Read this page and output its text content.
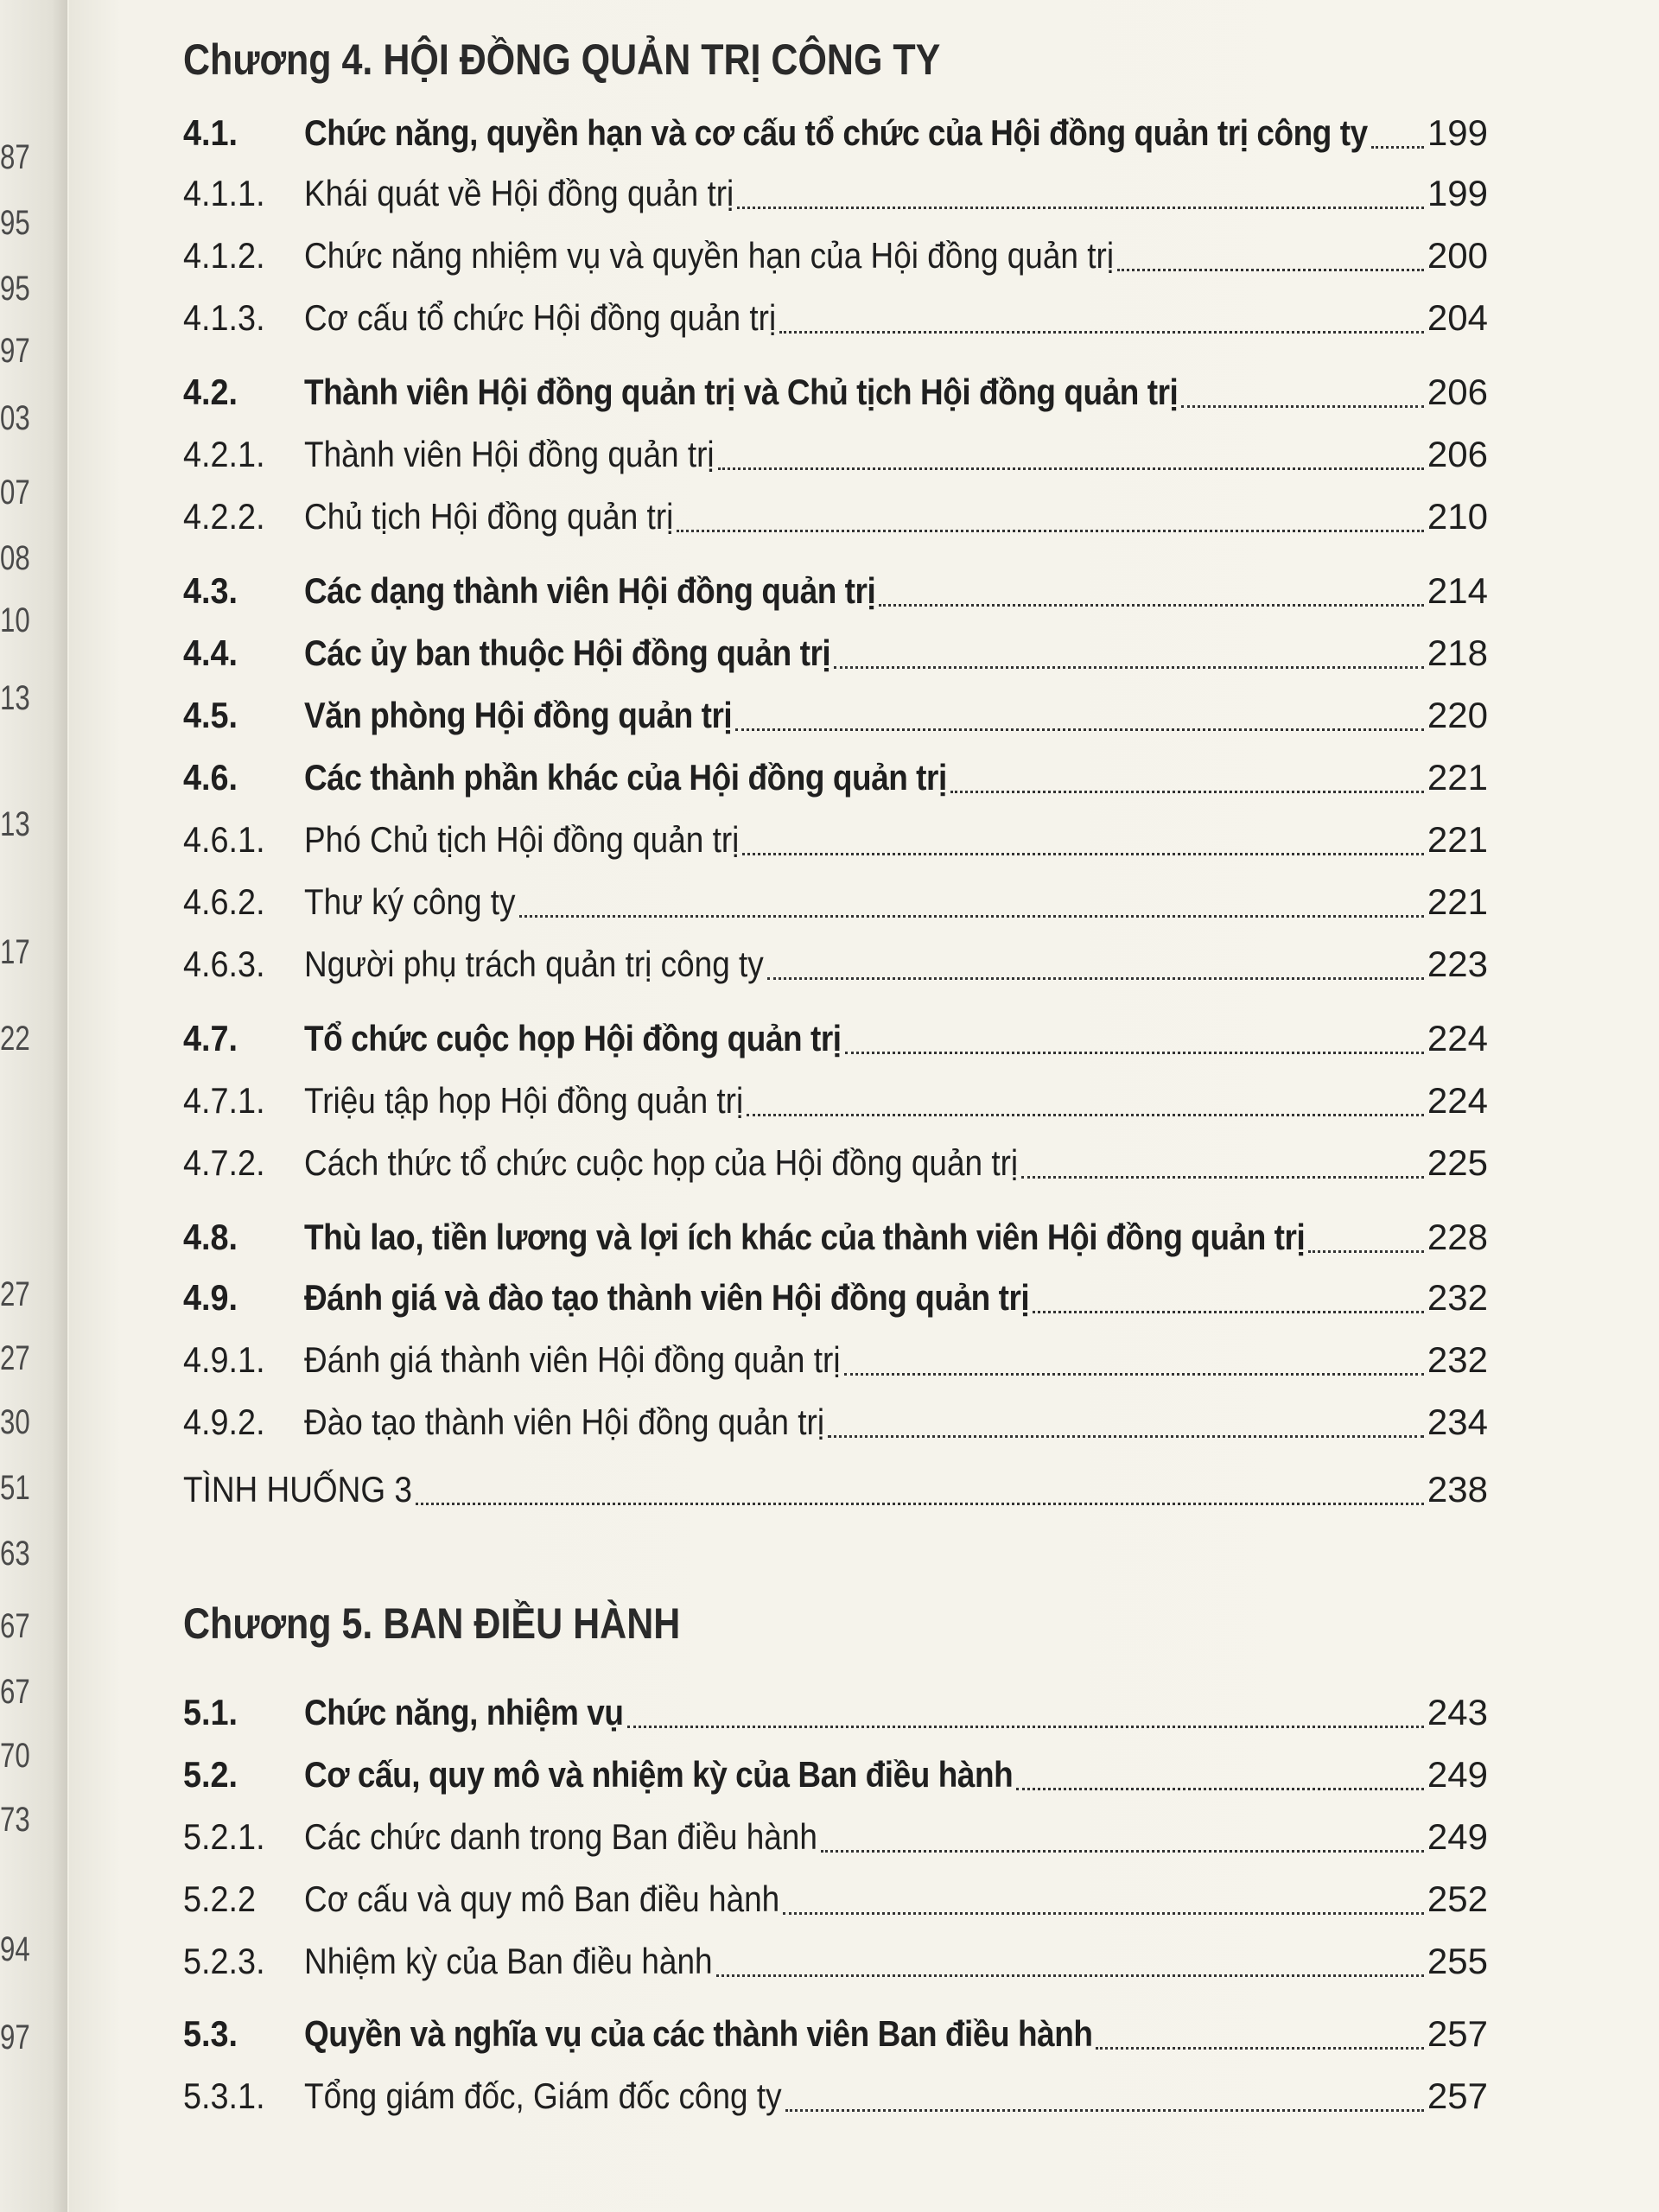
87
95
95
97
03
07
08
10
13
13
17
22
27
27
30
51
63
67
67
70
73
94
97
Chương 4. HỘI ĐỒNG QUẢN TRỊ CÔNG TY
4.1.	Chức năng, quyền hạn và cơ cấu tổ chức của Hội đồng quản trị công ty 199
4.1.1.	Khái quát về Hội đồng quản trị	199
4.1.2.	Chức năng nhiệm vụ và quyền hạn của Hội đồng quản trị	200
4.1.3.	Cơ cấu tổ chức Hội đồng quản trị	204
4.2.	Thành viên Hội đồng quản trị và Chủ tịch Hội đồng quản trị	206
4.2.1.	Thành viên Hội đồng quản trị	206
4.2.2.	Chủ tịch Hội đồng quản trị	210
4.3.	Các dạng thành viên Hội đồng quản trị	214
4.4.	Các ủy ban thuộc Hội đồng quản trị	218
4.5.	Văn phòng Hội đồng quản trị	220
4.6.	Các thành phần khác của Hội đồng quản trị	221
4.6.1.	Phó Chủ tịch Hội đồng quản trị	221
4.6.2.	Thư ký công ty	221
4.6.3.	Người phụ trách quản trị công ty	223
4.7.	Tổ chức cuộc họp Hội đồng quản trị	224
4.7.1.	Triệu tập họp Hội đồng quản trị	224
4.7.2.	Cách thức tổ chức cuộc họp của Hội đồng quản trị	225
4.8.	Thù lao, tiền lương và lợi ích khác của thành viên Hội đồng quản trị	228
4.9.	Đánh giá và đào tạo thành viên Hội đồng quản trị	232
4.9.1.	Đánh giá thành viên Hội đồng quản trị	232
4.9.2.	Đào tạo thành viên Hội đồng quản trị	234
TÌNH HUỐNG 3	238
Chương 5. BAN ĐIỀU HÀNH
5.1.	Chức năng, nhiệm vụ	243
5.2.	Cơ cấu, quy mô và nhiệm kỳ của Ban điều hành	249
5.2.1.	Các chức danh trong Ban điều hành	249
5.2.2	Cơ cấu và quy mô Ban điều hành	252
5.2.3.	Nhiệm kỳ của Ban điều hành	255
5.3.	Quyền và nghĩa vụ của các thành viên Ban điều hành	257
5.3.1.	Tổng giám đốc, Giám đốc công ty	257
